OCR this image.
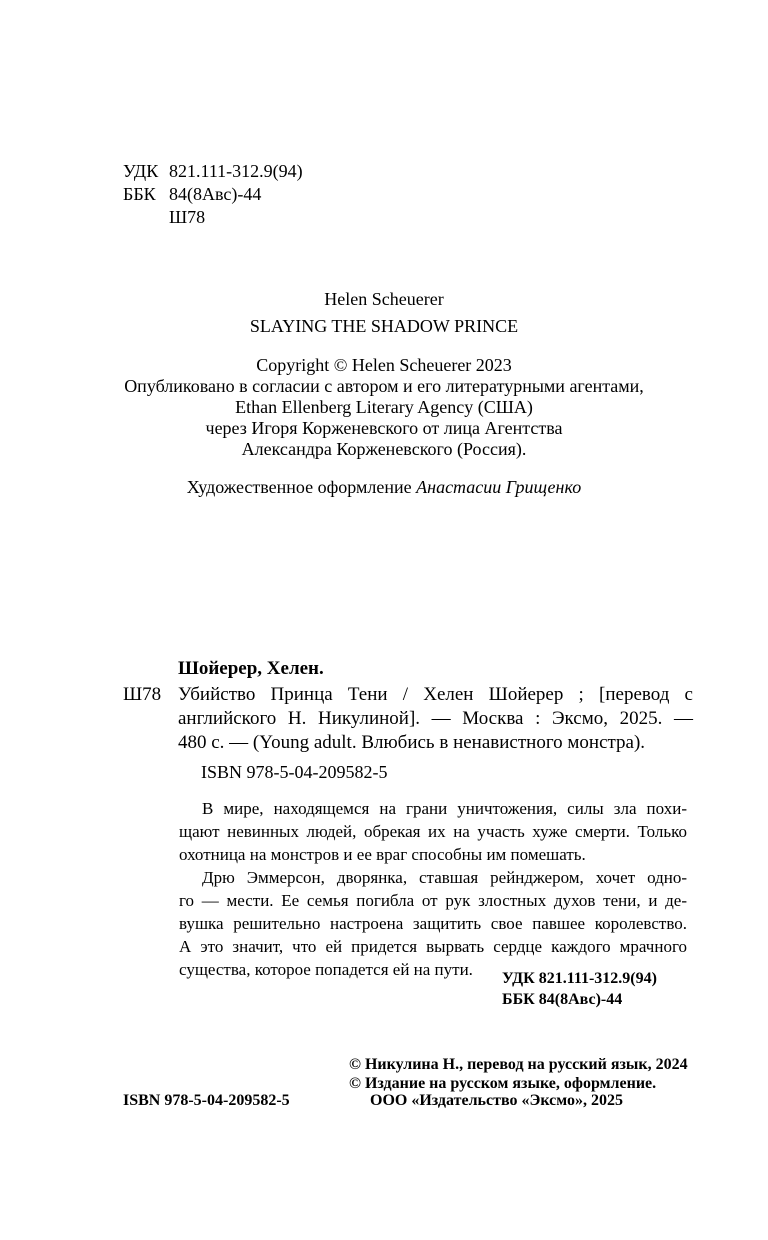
УДК 821.111-312.9(94)
ББК 84(8Авс)-44
Ш78

Helen Scheuerer

SLAYING THE SHADOW PRINCE

Copyright © Helen Scheuerer 2023
Опубликовано в согласии с автором и его литературными агентами,
Ethan Ellenberg Literary Agency (США)
через Игоря Корженевского от лица Агентства
Александра Корженевского (Россия).

Художественное оформление Анастасии Грищенко

Шойерер, Хелен.
Ш78 Убийство Принца Тени / Хелен Шойерер ; [перевод с
английского Н. Никулиной]. — Москва : Эксмо, 2025. —
480 с. — (Young adult. Влюбись в ненавистного монстра).

ISBN 978-5-04-209582-5

В мире, находящемся на грани уничтожения, силы зла похи-
щают невинных людей, обрекая их на участь хуже смерти. Только
охотница на монстров и ее враг способны им помешать.
Дрю Эммерсон, дворянка, ставшая рейнджером, хочет одно-
го — мести. Ее семья погибла от рук злостных духов тени, и де-
вушка решительно настроена защитить свое павшее королевство.
А это значит, что ей придется вырвать сердце каждого мрачного
существа, которое попадется ей на пути.	УДК 821.111-312.9(94)
ББК 84(8Авс)-44

© Никулина Н., перевод на русский язык, 2024

© Издание на русском языке, оформление.

ООО «Издательство «Эксмо», 2025

ISBN 978-5-04-209582-5
